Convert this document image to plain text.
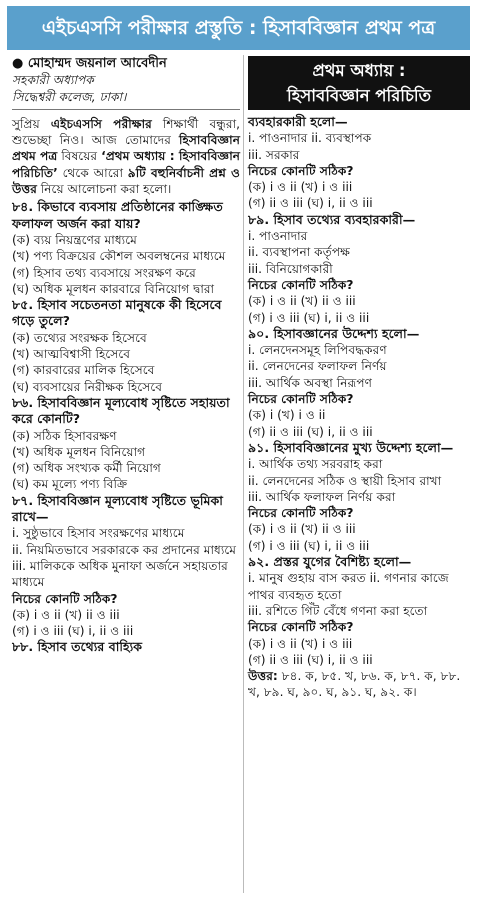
এইচএসসি পরীক্ষার প্রস্তুতি : হিসাববিজ্ঞান প্রথম পত্র
● মোহাম্মদ জয়নাল আবেদীন
সহকারী অধ্যাপক
সিদ্ধেশ্বরী কলেজ, ঢাকা।
সুপ্রিয় এইচএসসি পরীক্ষার শিক্ষার্থী বন্ধুরা, শুভেচ্ছা নিও। আজ তোমাদের হিসাববিজ্ঞান প্রথম পত্র বিষয়ের ‘প্রথম অধ্যায় : হিসাববিজ্ঞান পরিচিতি’ থেকে আরো ৯টি বহুনির্বাচনী প্রশ্ন ও উত্তর নিয়ে আলোচনা করা হলো।
৮৪. কিভাবে ব্যবসায় প্রতিষ্ঠানের কাঙ্ক্ষিত ফলাফল অর্জন করা যায়?
(ক) ব্যয় নিয়ন্ত্রণের মাধ্যমে
(খ) পণ্য বিক্রয়ের কৌশল অবলম্বনের মাধ্যমে
(গ) হিসাব তথ্য ব্যবসায়ে সংরক্ষণ করে
(ঘ) অধিক মূলধন কারবারে বিনিয়োগ দ্বারা
৮৫. হিসাব সচেতনতা মানুষকে কী হিসেবে গড়ে তুলে?
(ক) তথ্যের সংরক্ষক হিসেবে
(খ) আত্মবিশ্বাসী হিসেবে
(গ) কারবারের মালিক হিসেবে
(ঘ) ব্যবসায়ের নিরীক্ষক হিসেবে
৮৬. হিসাববিজ্ঞান মূল্যবোধ সৃষ্টিতে সহায়তা করে কোনটি?
(ক) সঠিক হিসাবরক্ষণ
(খ) অধিক মূলধন বিনিয়োগ
(গ) অধিক সংখ্যক কর্মী নিয়োগ
(ঘ) কম মূল্যে পণ্য বিক্রি
৮৭. হিসাববিজ্ঞান মূল্যবোধ সৃষ্টিতে ভূমিকা রাখে—
i. সুষ্ঠুভাবে হিসাব সংরক্ষণের মাধ্যমে
ii. নিয়মিতভাবে সরকারকে কর প্রদানের মাধ্যমে
iii. মালিককে অধিক মুনাফা অর্জনে সহায়তার মাধ্যমে
নিচের কোনটি সঠিক?
(ক) i ও ii (খ) ii ও iii
(গ) i ও iii (ঘ) i, ii ও iii
৮৮. হিসাব তথ্যের বাহ্যিক
প্রথম অধ্যায় :
হিসাববিজ্ঞান পরিচিতি
ব্যবহারকারী হলো—
i. পাওনাদার ii. ব্যবস্থাপক
iii. সরকার
নিচের কোনটি সঠিক?
(ক) i ও ii (খ) i ও iii
(গ) ii ও iii (ঘ) i, ii ও iii
৮৯. হিসাব তথ্যের ব্যবহারকারী—
i. পাওনাদার
ii. ব্যবস্থাপনা কর্তৃপক্ষ
iii. বিনিয়োগকারী
নিচের কোনটি সঠিক?
(ক) i ও ii (খ) ii ও iii
(গ) i ও iii (ঘ) i, ii ও iii
৯০. হিসাবজ্ঞানের উদ্দেশ্য হলো—
i. লেনদেনসমূহ লিপিবদ্ধকরণ
ii. লেনদেনের ফলাফল নির্ণয়
iii. আর্থিক অবস্থা নিরূপণ
নিচের কোনটি সঠিক?
(ক) i (খ) i ও ii
(গ) ii ও iii (ঘ) i, ii ও iii
৯১. হিসাববিজ্ঞানের মুখ্য উদ্দেশ্য হলো—
i. আর্থিক তথ্য সরবরাহ করা
ii. লেনদেনের সঠিক ও স্থায়ী হিসাব রাখা
iii. আর্থিক ফলাফল নির্ণয় করা
নিচের কোনটি সঠিক?
(ক) i ও ii (খ) ii ও iii
(গ) i ও iii (ঘ) i, ii ও iii
৯২. প্রস্তর যুগের বৈশিষ্ট্য হলো—
i. মানুষ গুহায় বাস করত ii. গণনার কাজে পাথর ব্যবহৃত হতো
iii. রশিতে গিঁট বেঁধে গণনা করা হতো
নিচের কোনটি সঠিক?
(ক) i ও ii (খ) i ও iii
(গ) ii ও iii (ঘ) i, ii ও iii
উত্তর: ৮৪. ক, ৮৫. খ, ৮৬. ক, ৮৭. ক, ৮৮. খ, ৮৯. ঘ, ৯০. ঘ, ৯১. ঘ, ৯২. ক।
